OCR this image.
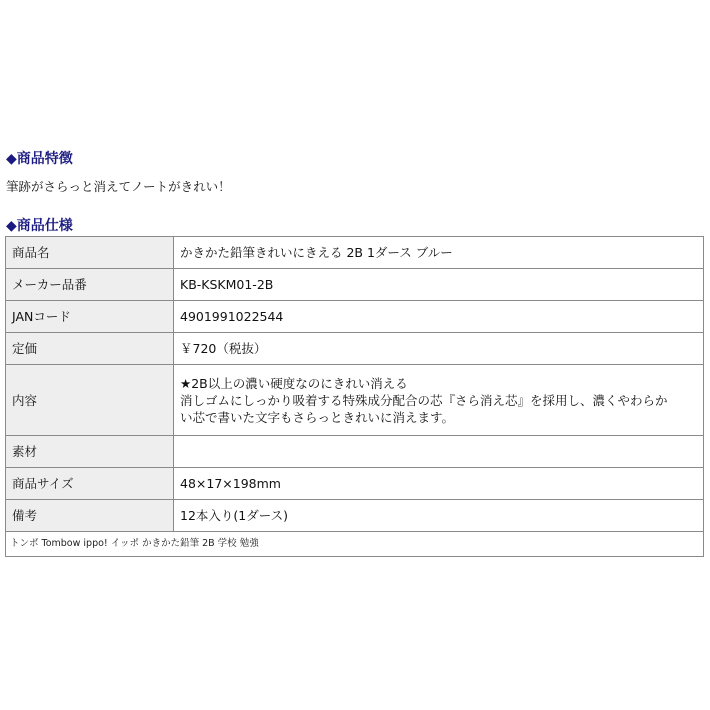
◆商品特徴
筆跡がさらっと消えてノートがきれい！
◆商品仕様
商品名	かきかた鉛筆きれいにきえる 2B 1ダース ブルー
メーカー品番	KB-KSKM01-2B
JANコード	4901991022544
定価	￥720（税抜）
内容	★2B以上の濃い硬度なのにきれい消える
消しゴムにしっかり吸着する特殊成分配合の芯『さら消え芯』を採用し、濃くやわらか
い芯で書いた文字もさらっときれいに消えます。

素材	
商品サイズ	48×17×198mm
備考	12本入り(1ダース)
トンボ Tombow ippo! イッポ かきかた鉛筆 2B 学校 勉強
